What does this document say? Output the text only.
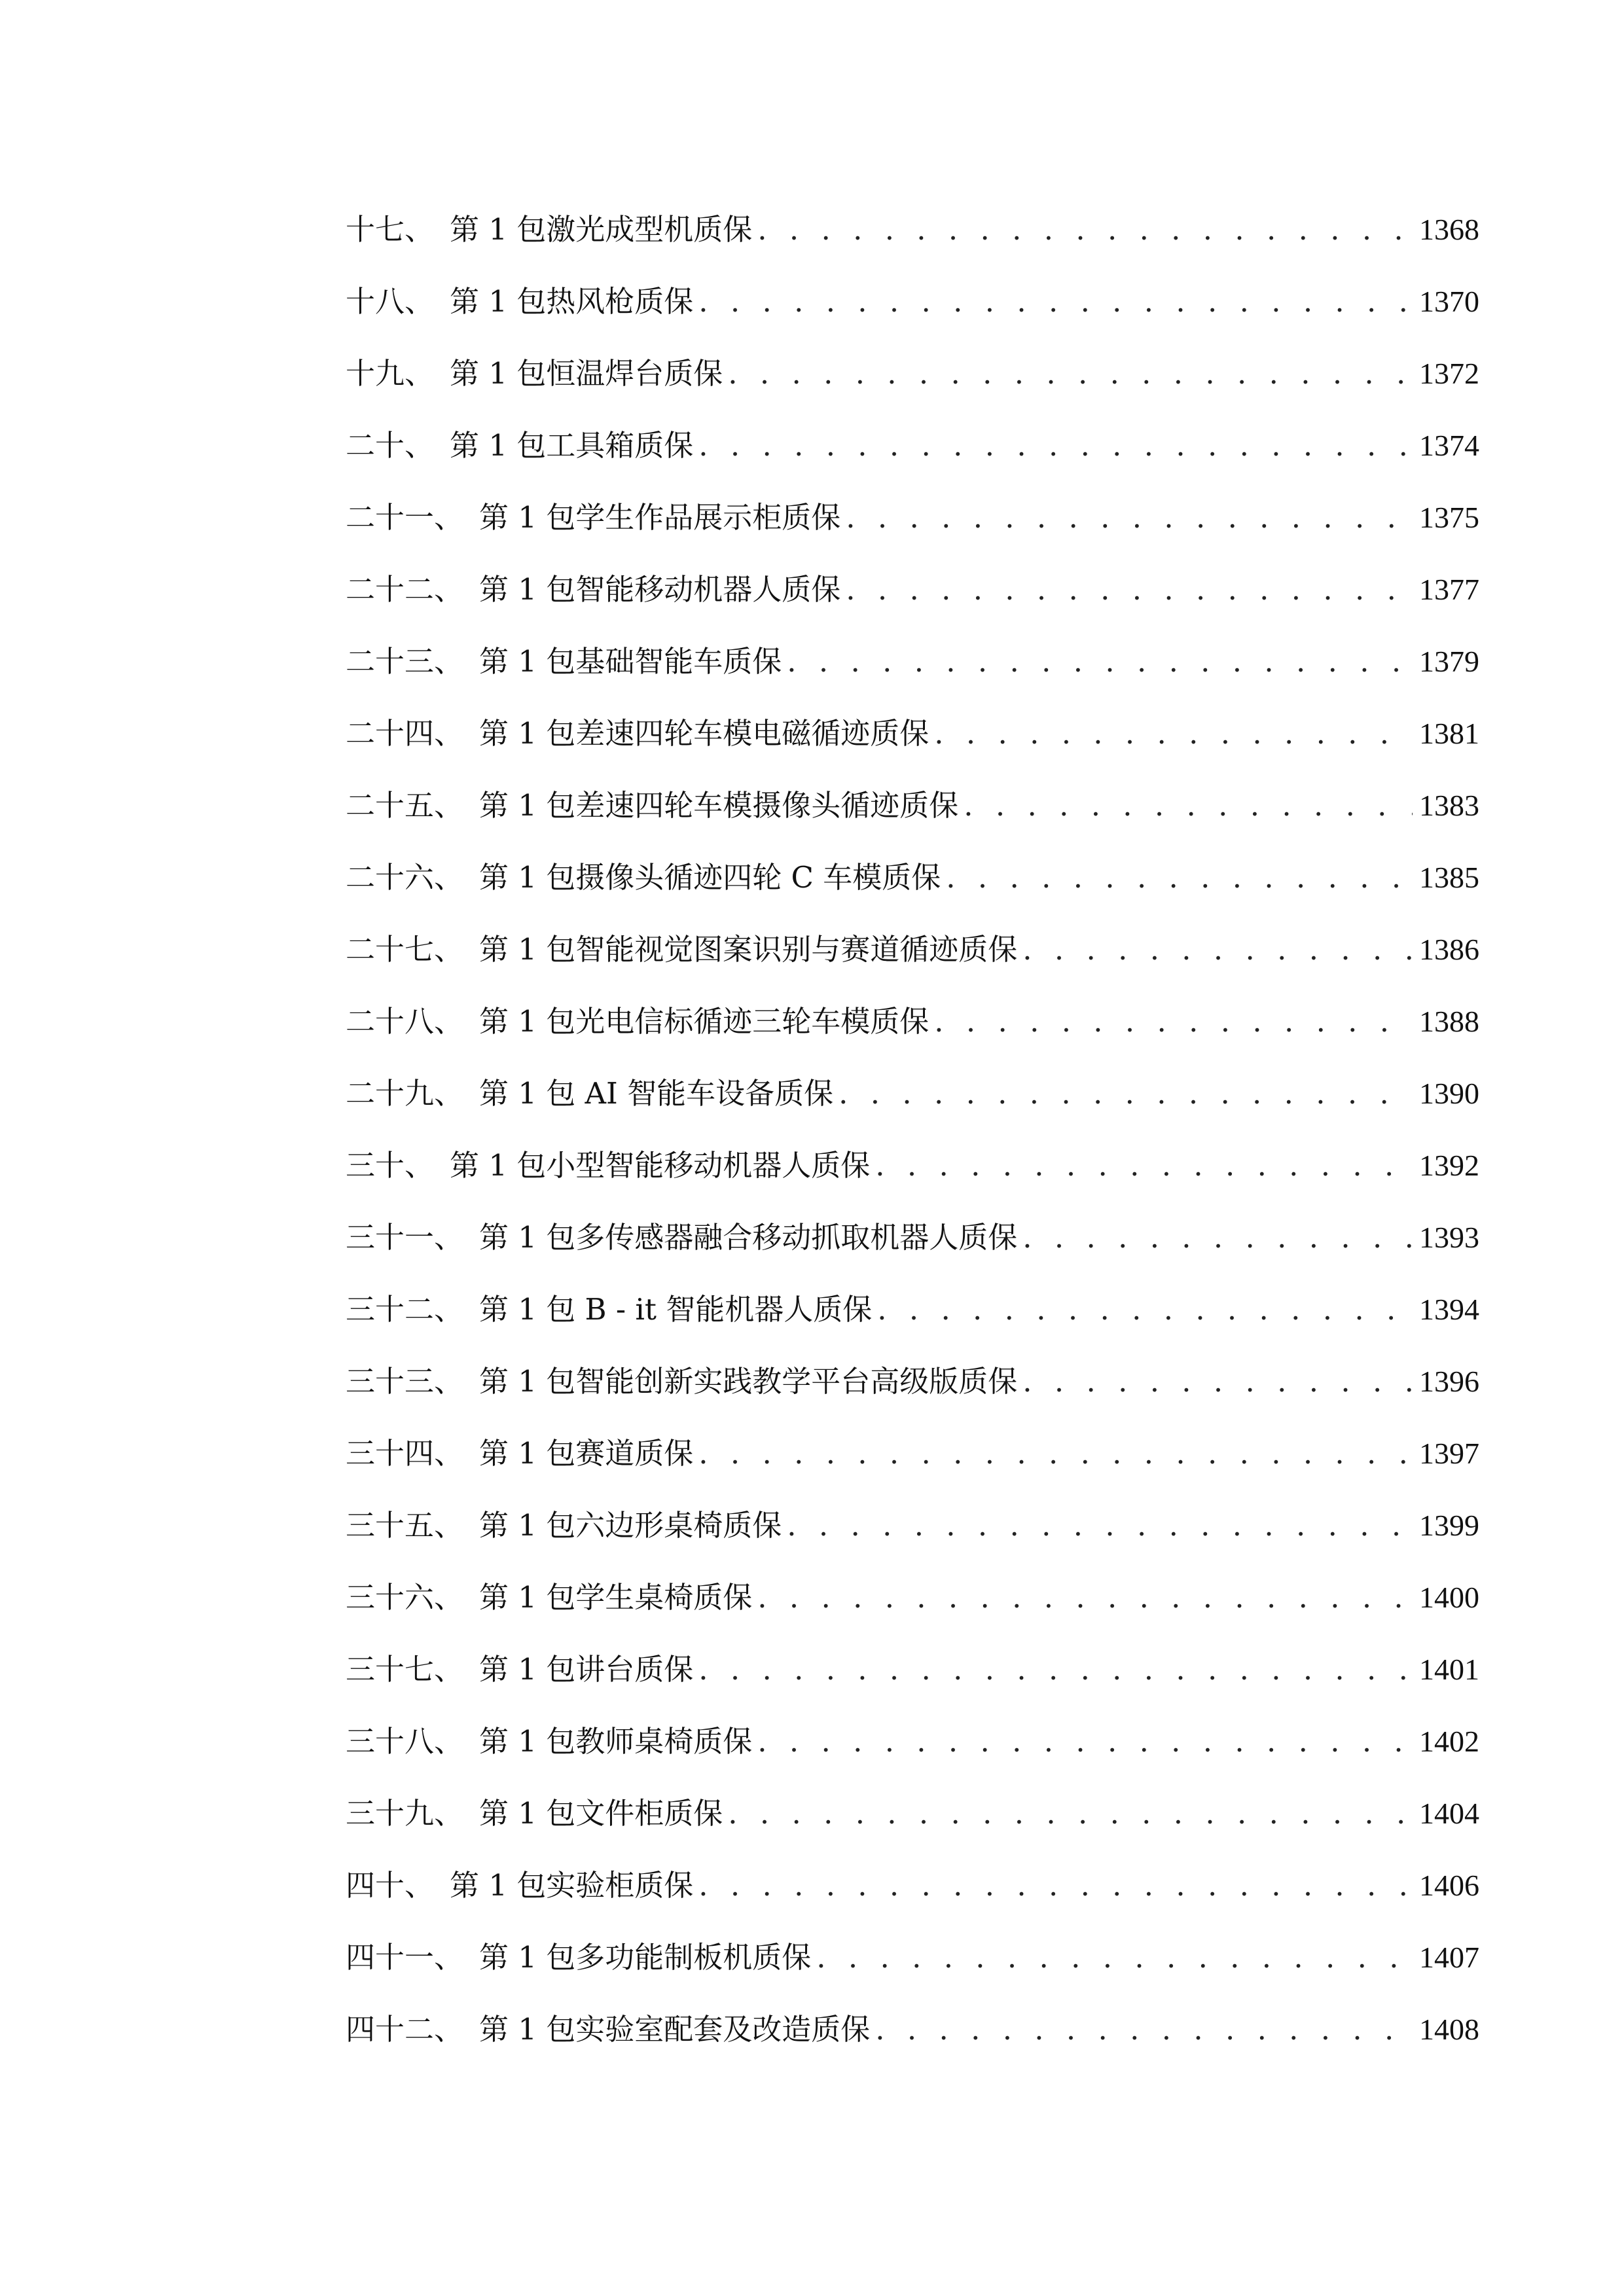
十七、 第 1 包激光成型机质保 . . .	1368
十八、 第 1 包热风枪质保 . . .	1370
十九、 第 1 包恒温焊台质保 . . .	1372
二十、 第 1 包工具箱质保 . . .	1374
二十一、 第 1 包学生作品展示柜质保 . . .	1375
二十二、 第 1 包智能移动机器人质保 . . .	1377
二十三、 第 1 包基础智能车质保 . . .	1379
二十四、 第 1 包差速四轮车模电磁循迹质保 . . .	1381
二十五、 第 1 包差速四轮车模摄像头循迹质保 . . .	1383
二十六、 第 1 包摄像头循迹四轮 C 车模质保 . . .	1385
二十七、 第 1 包智能视觉图案识别与赛道循迹质保 . . .	1386
二十八、 第 1 包光电信标循迹三轮车模质保 . . .	1388
二十九、 第 1 包 AI 智能车设备质保 . . .	1390
三十、 第 1 包小型智能移动机器人质保 . . .	1392
三十一、 第 1 包多传感器融合移动抓取机器人质保 . . .	1393
三十二、 第 1 包 B - it 智能机器人质保 . . .	1394
三十三、 第 1 包智能创新实践教学平台高级版质保 . . .	1396
三十四、 第 1 包赛道质保 . . .	1397
三十五、 第 1 包六边形桌椅质保 . . .	1399
三十六、 第 1 包学生桌椅质保 . . .	1400
三十七、 第 1 包讲台质保 . . .	1401
三十八、 第 1 包教师桌椅质保 . . .	1402
三十九、 第 1 包文件柜质保 . . .	1404
四十、 第 1 包实验柜质保 . . .	1406
四十一、 第 1 包多功能制板机质保 . . .	1407
四十二、 第 1 包实验室配套及改造质保 . . .	1408
